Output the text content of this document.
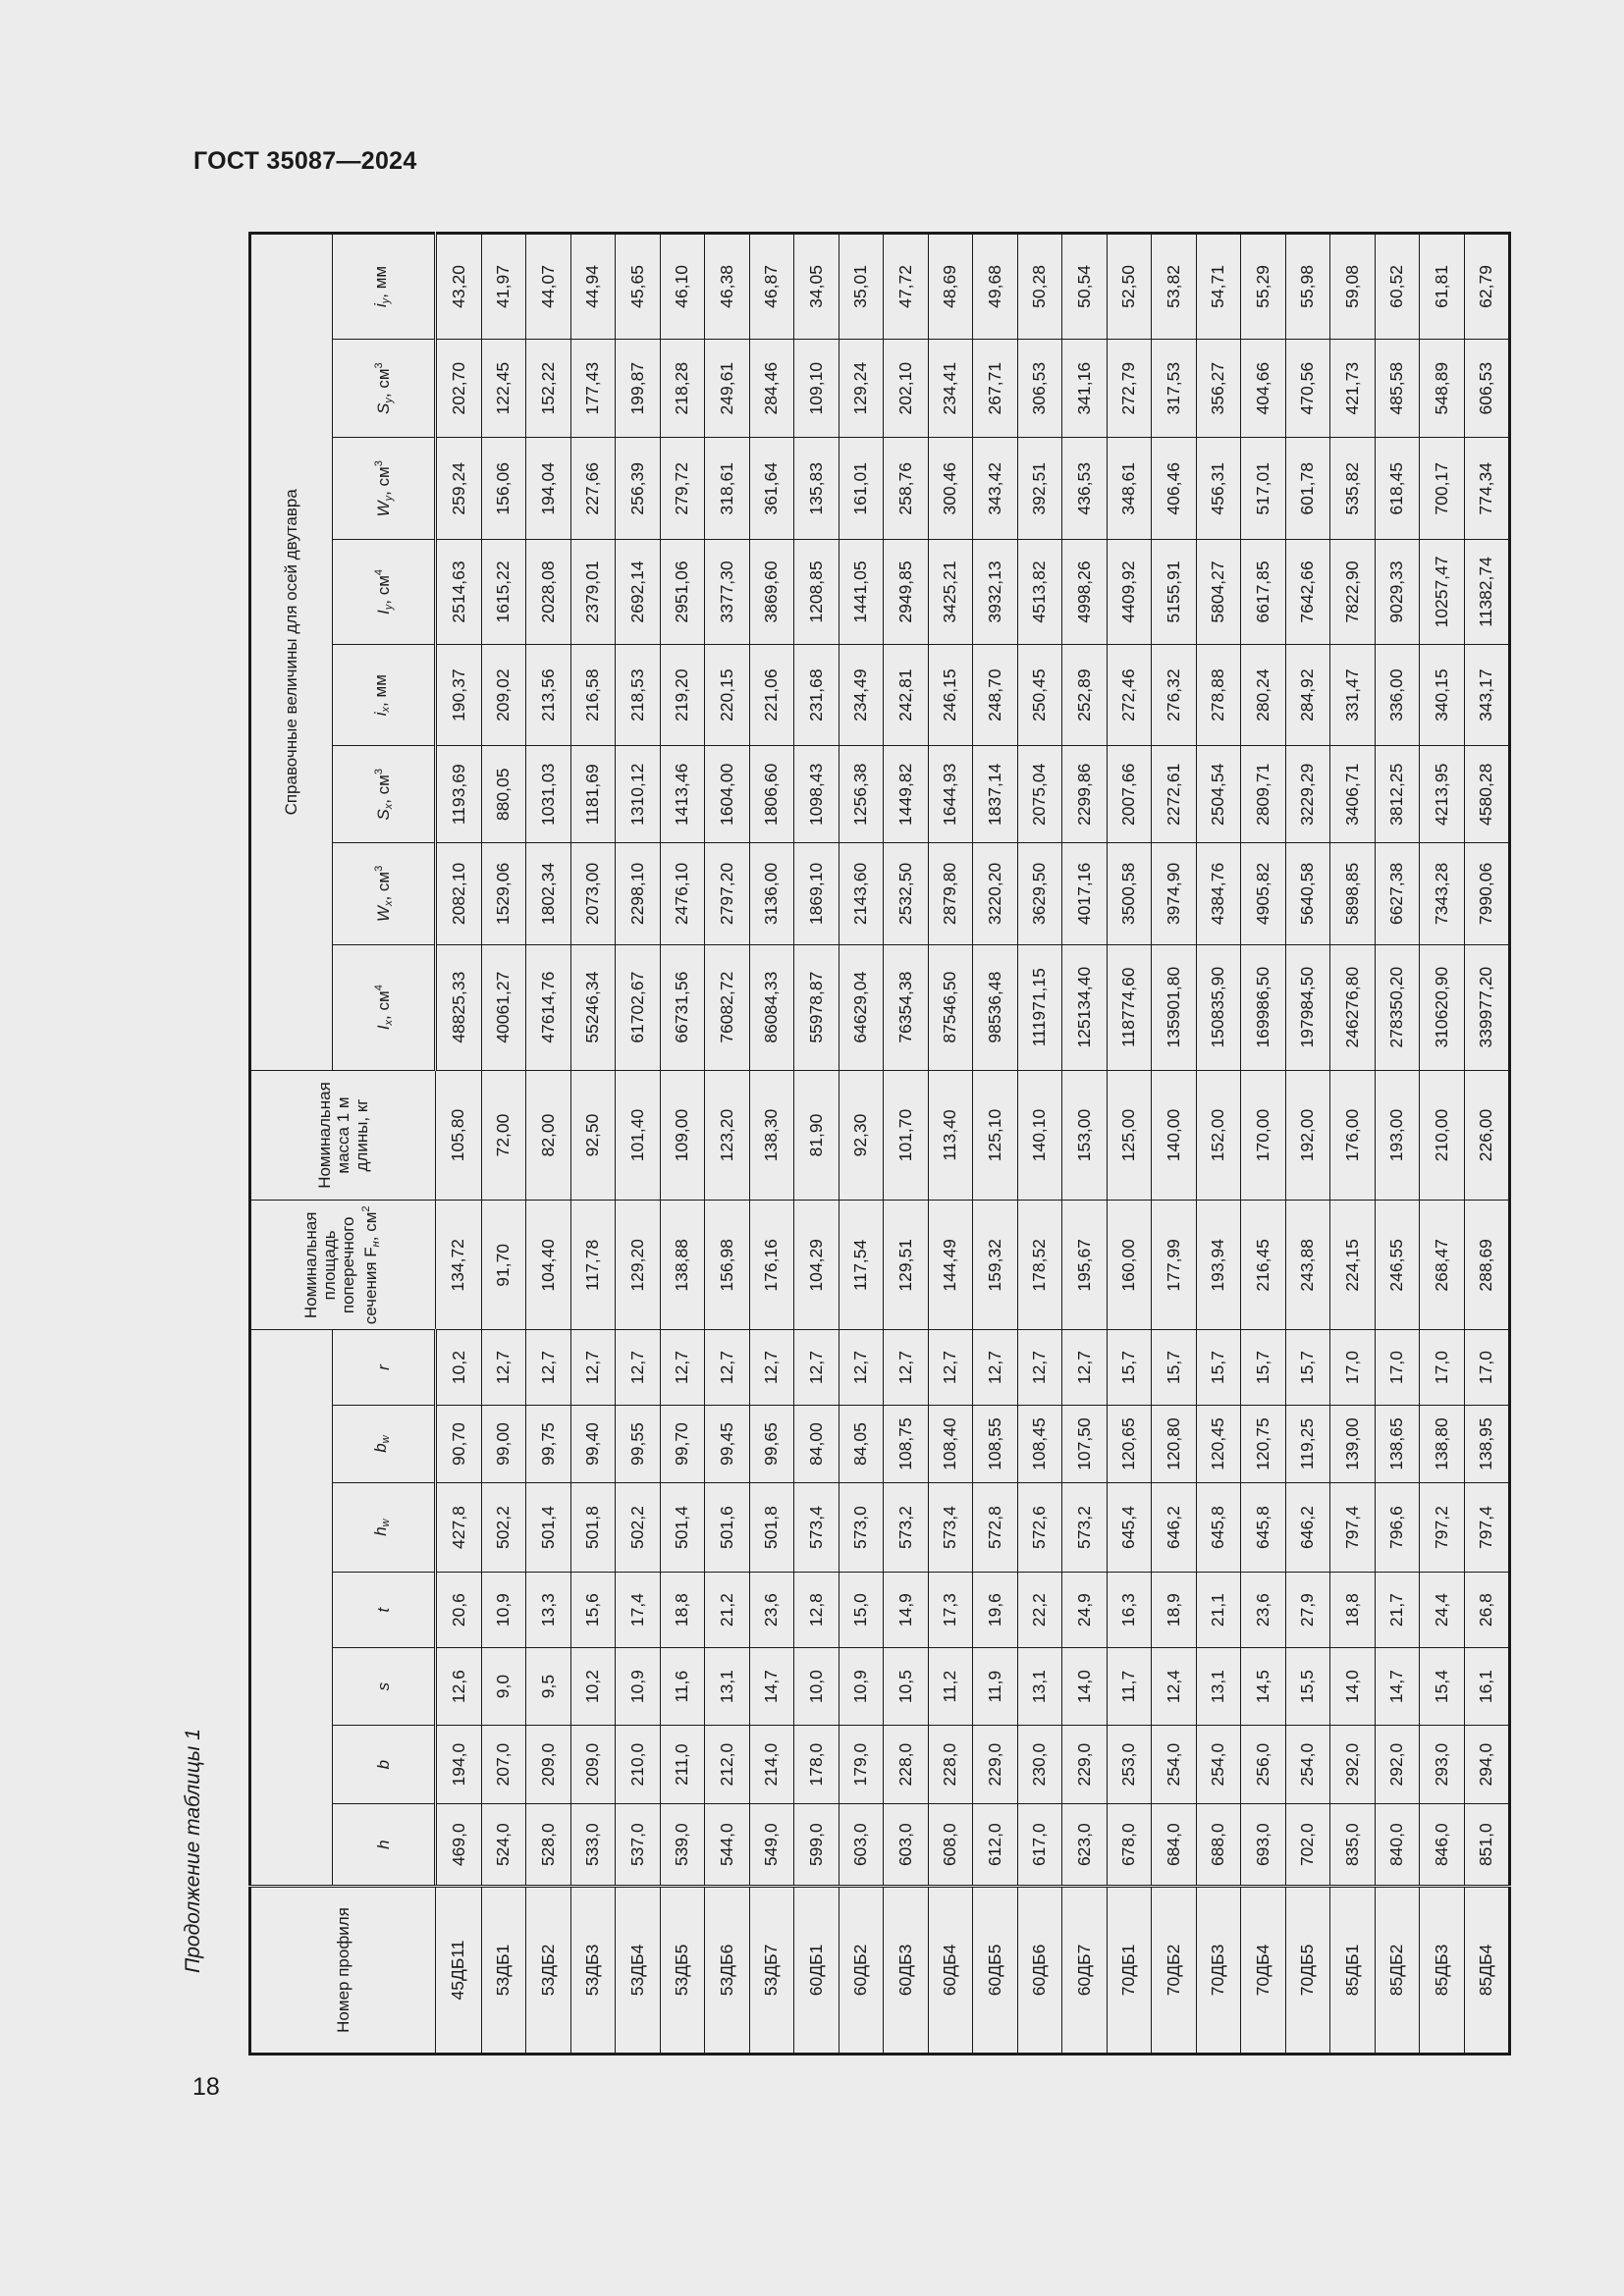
ГОСТ 35087—2024
18
Продолжение таблицы 1	Номер профиля								Номинальная площадь поперечного сечения Fн, $см^2$	Номинальная масса 1 м длины, кг	Справочные величины для осей двутавра							
	h	b	s	t	hw	bw	r			Ix, $см^4$	Wx, $см^3$	Sx, $см^3$	ix, мм	Iy, $см^4$	Wy, $см^3$	Sy, $см^3$	iy, мм
45ДБ11	469,0	194,0	12,6	20,6	427,8	90,70	10,2	134,72	105,80	48825,33	2082,10	1193,69	190,37	2514,63	259,24	202,70	43,20
53ДБ1	524,0	207,0	9,0	10,9	502,2	99,00	12,7	91,70	72,00	40061,27	1529,06	880,05	209,02	1615,22	156,06	122,45	41,97
53ДБ2	528,0	209,0	9,5	13,3	501,4	99,75	12,7	104,40	82,00	47614,76	1802,34	1031,03	213,56	2028,08	194,04	152,22	44,07
53ДБ3	533,0	209,0	10,2	15,6	501,8	99,40	12,7	117,78	92,50	55246,34	2073,00	1181,69	216,58	2379,01	227,66	177,43	44,94
53ДБ4	537,0	210,0	10,9	17,4	502,2	99,55	12,7	129,20	101,40	61702,67	2298,10	1310,12	218,53	2692,14	256,39	199,87	45,65
53ДБ5	539,0	211,0	11,6	18,8	501,4	99,70	12,7	138,88	109,00	66731,56	2476,10	1413,46	219,20	2951,06	279,72	218,28	46,10
53ДБ6	544,0	212,0	13,1	21,2	501,6	99,45	12,7	156,98	123,20	76082,72	2797,20	1604,00	220,15	3377,30	318,61	249,61	46,38
53ДБ7	549,0	214,0	14,7	23,6	501,8	99,65	12,7	176,16	138,30	86084,33	3136,00	1806,60	221,06	3869,60	361,64	284,46	46,87
60ДБ1	599,0	178,0	10,0	12,8	573,4	84,00	12,7	104,29	81,90	55978,87	1869,10	1098,43	231,68	1208,85	135,83	109,10	34,05
60ДБ2	603,0	179,0	10,9	15,0	573,0	84,05	12,7	117,54	92,30	64629,04	2143,60	1256,38	234,49	1441,05	161,01	129,24	35,01
60ДБ3	603,0	228,0	10,5	14,9	573,2	108,75	12,7	129,51	101,70	76354,38	2532,50	1449,82	242,81	2949,85	258,76	202,10	47,72
60ДБ4	608,0	228,0	11,2	17,3	573,4	108,40	12,7	144,49	113,40	87546,50	2879,80	1644,93	246,15	3425,21	300,46	234,41	48,69
60ДБ5	612,0	229,0	11,9	19,6	572,8	108,55	12,7	159,32	125,10	98536,48	3220,20	1837,14	248,70	3932,13	343,42	267,71	49,68
60ДБ6	617,0	230,0	13,1	22,2	572,6	108,45	12,7	178,52	140,10	111971,15	3629,50	2075,04	250,45	4513,82	392,51	306,53	50,28
60ДБ7	623,0	229,0	14,0	24,9	573,2	107,50	12,7	195,67	153,00	125134,40	4017,16	2299,86	252,89	4998,26	436,53	341,16	50,54
70ДБ1	678,0	253,0	11,7	16,3	645,4	120,65	15,7	160,00	125,00	118774,60	3500,58	2007,66	272,46	4409,92	348,61	272,79	52,50
70ДБ2	684,0	254,0	12,4	18,9	646,2	120,80	15,7	177,99	140,00	135901,80	3974,90	2272,61	276,32	5155,91	406,46	317,53	53,82
70ДБ3	688,0	254,0	13,1	21,1	645,8	120,45	15,7	193,94	152,00	150835,90	4384,76	2504,54	278,88	5804,27	456,31	356,27	54,71
70ДБ4	693,0	256,0	14,5	23,6	645,8	120,75	15,7	216,45	170,00	169986,50	4905,82	2809,71	280,24	6617,85	517,01	404,66	55,29
70ДБ5	702,0	254,0	15,5	27,9	646,2	119,25	15,7	243,88	192,00	197984,50	5640,58	3229,29	284,92	7642,66	601,78	470,56	55,98
85ДБ1	835,0	292,0	14,0	18,8	797,4	139,00	17,0	224,15	176,00	246276,80	5898,85	3406,71	331,47	7822,90	535,82	421,73	59,08
85ДБ2	840,0	292,0	14,7	21,7	796,6	138,65	17,0	246,55	193,00	278350,20	6627,38	3812,25	336,00	9029,33	618,45	485,58	60,52
85ДБ3	846,0	293,0	15,4	24,4	797,2	138,80	17,0	268,47	210,00	310620,90	7343,28	4213,95	340,15	10257,47	700,17	548,89	61,81
85ДБ4	851,0	294,0	16,1	26,8	797,4	138,95	17,0	288,69	226,00	339977,20	7990,06	4580,28	343,17	11382,74	774,34	606,53	62,79
